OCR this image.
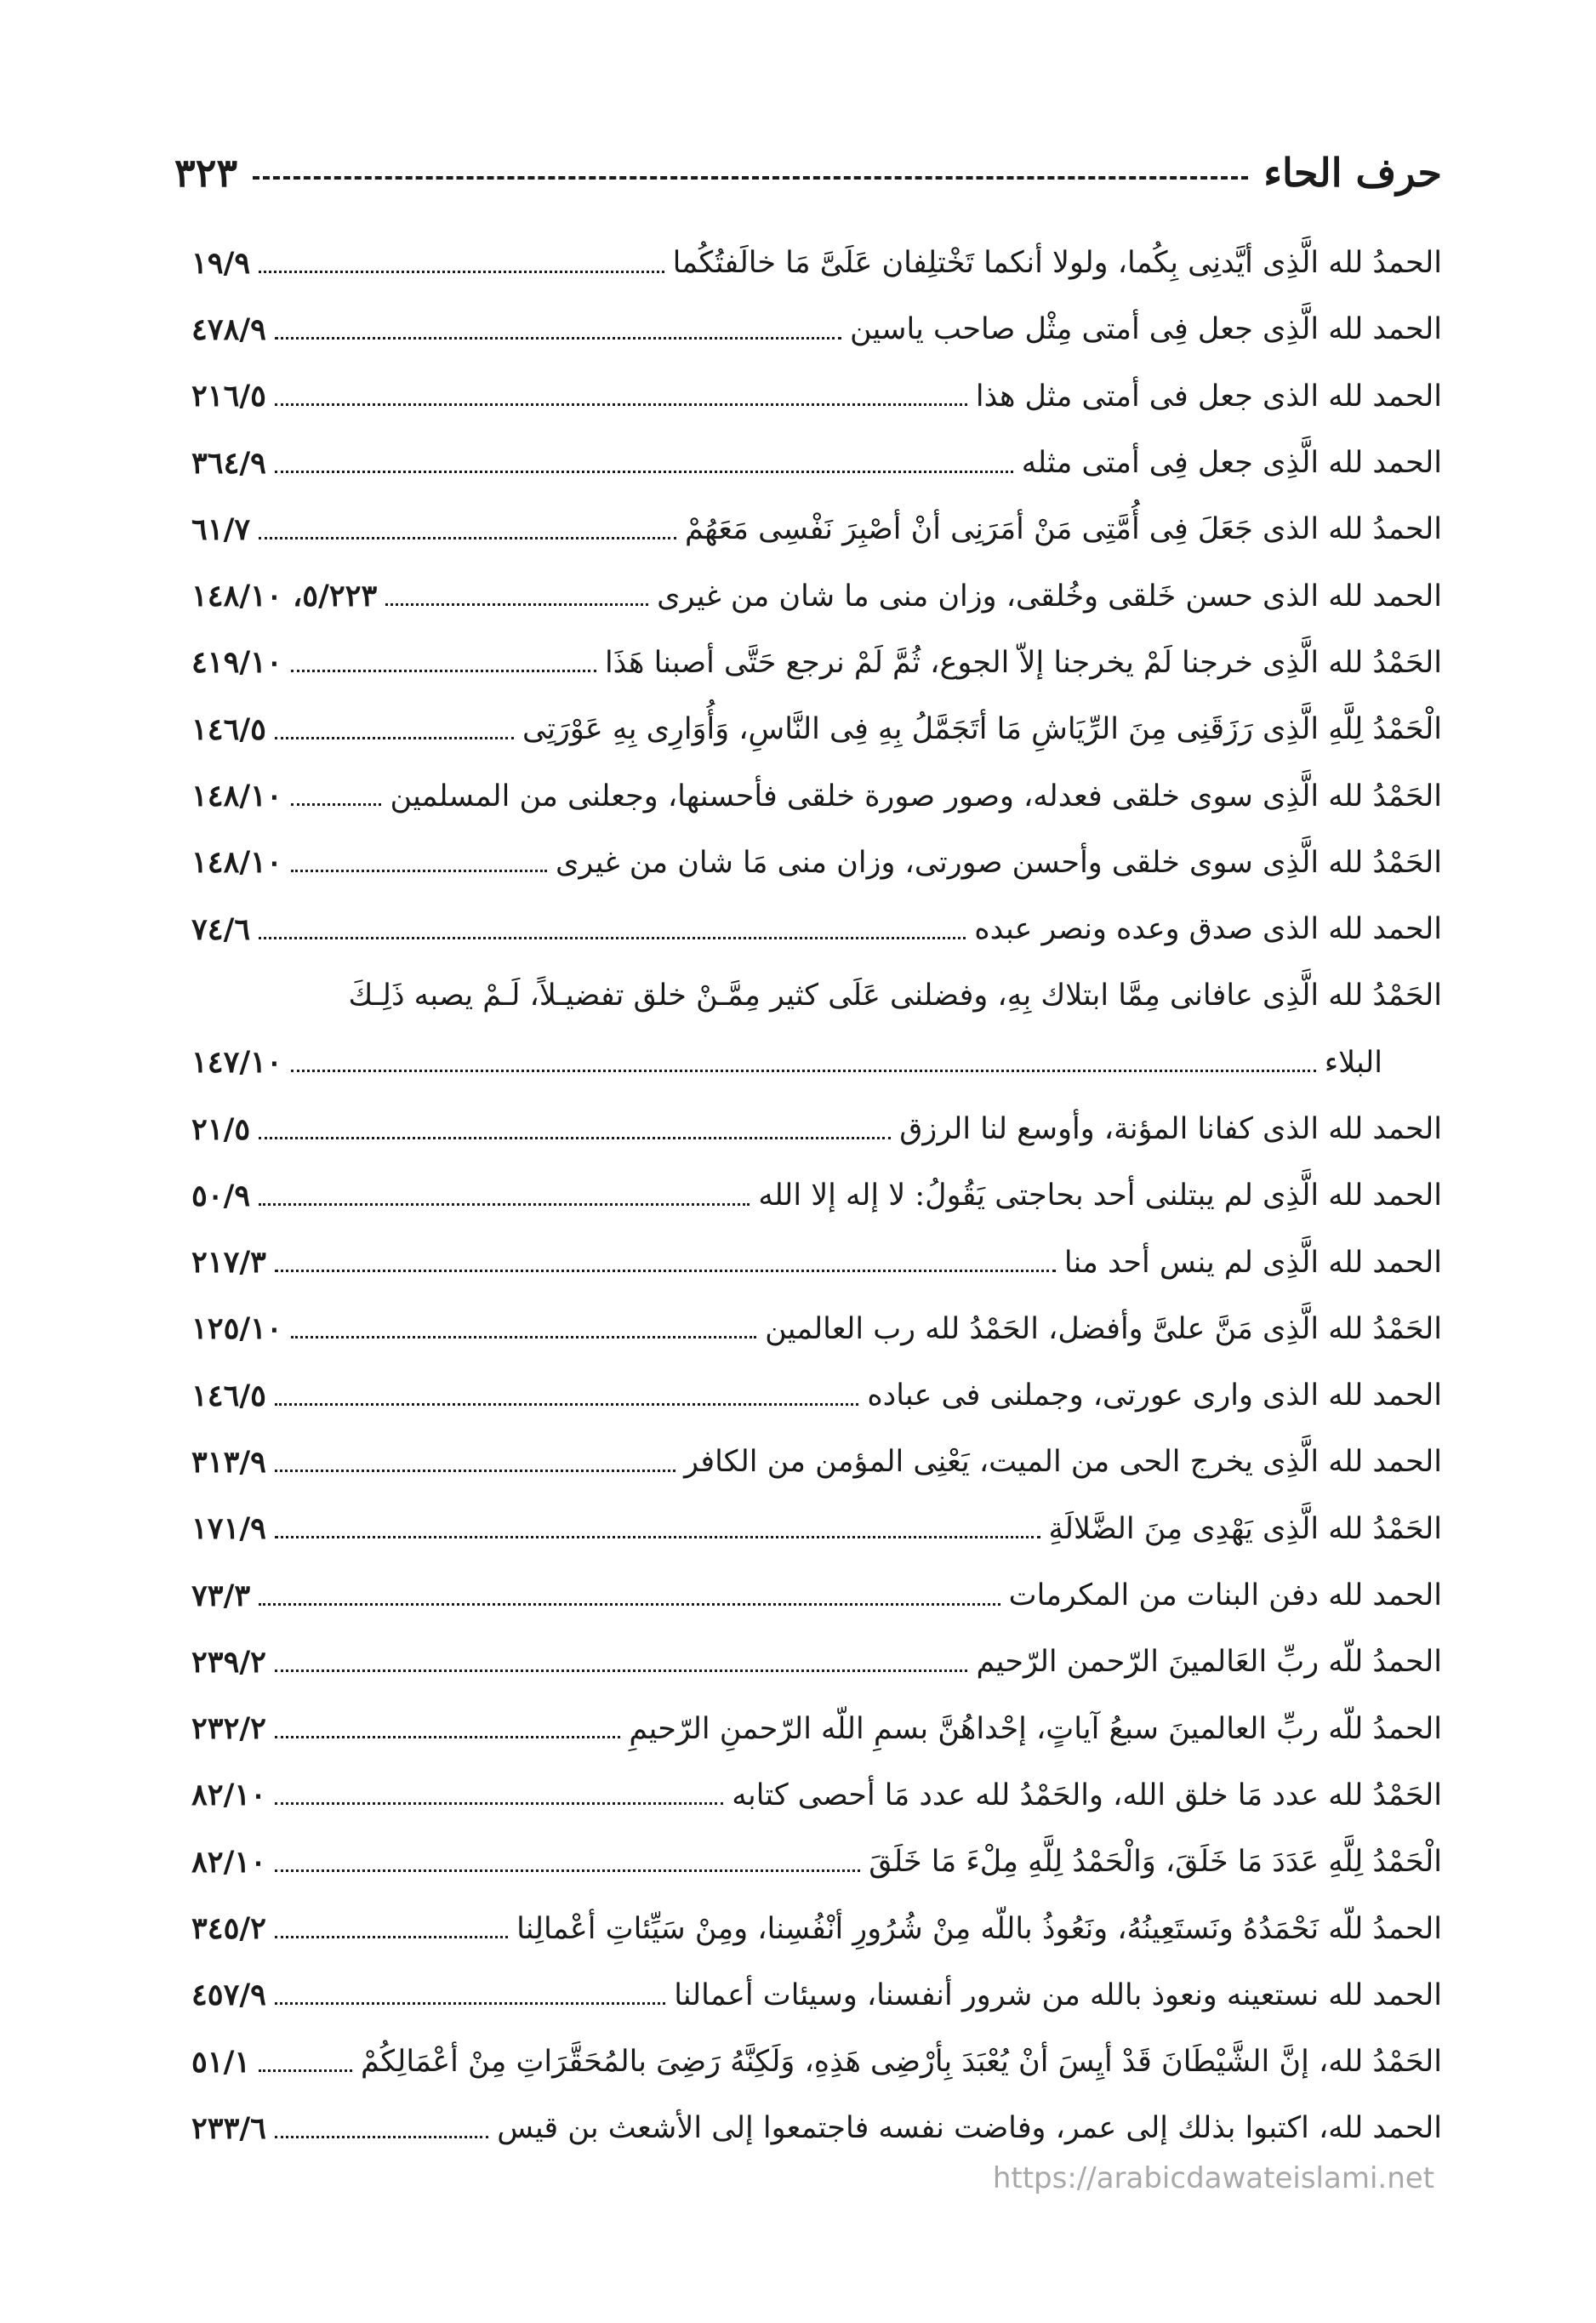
حرف الحاء
٣٢٣
الحمدُ لله الَّذِى أيَّدنِى بِكُما، ولولا أنكما تَخْتلِفان عَلَىَّ مَا خالَفتُكُما
١٩/٩
الحمد لله الَّذِى جعل فِى أمتى مِثْل صاحب ياسين
٤٧٨/٩
الحمد لله الذى جعل فى أمتى مثل هذا
٢١٦/٥
الحمد لله الَّذِى جعل فِى أمتى مثله
٣٦٤/٩
الحمدُ لله الذى جَعَلَ فِى أُمَّتِى مَنْ أمَرَنِى أنْ أصْبِرَ نَفْسِى مَعَهُمْ
٦١/٧
الحمد لله الذى حسن خَلقى وخُلقى، وزان منى ما شان من غيرى
٥/٢٢٣، ١٤٨/١٠
الحَمْدُ لله الَّذِى خرجنا لَمْ يخرجنا إلاّ الجوع، ثُمَّ لَمْ نرجع حَتَّى أصبنا هَذَا
٤١٩/١٠
الْحَمْدُ لِلَّهِ الَّذِى رَزَقَنِى مِنَ الرِّيَاشِ مَا أتَجَمَّلُ بِهِ فِى النَّاسِ، وَأُوَارِى بِهِ عَوْرَتِى
١٤٦/٥
الحَمْدُ لله الَّذِى سوى خلقى فعدله، وصور صورة خلقى فأحسنها، وجعلنى من المسلمين
١٤٨/١٠
الحَمْدُ لله الَّذِى سوى خلقى وأحسن صورتى، وزان منى مَا شان من غيرى
١٤٨/١٠
الحمد لله الذى صدق وعده ونصر عبده
٧٤/٦
الحَمْدُ لله الَّذِى عافانى مِمَّا ابتلاك بِهِ، وفضلنى عَلَى كثير مِمَّـنْ خلق تفضيـلاً، لَـمْ يصبه ذَلِـكَ
البلاء
١٤٧/١٠
الحمد لله الذى كفانا المؤنة، وأوسع لنا الرزق
٢١/٥
الحمد لله الَّذِى لم يبتلنى أحد بحاجتى يَقُولُ: لا إله إلا الله
٥٠/٩
الحمد لله الَّذِى لم ينس أحد منا
٢١٧/٣
الحَمْدُ لله الَّذِى مَنَّ علىَّ وأفضل، الحَمْدُ لله رب العالمين
١٢٥/١٠
الحمد لله الذى وارى عورتى، وجملنى فى عباده
١٤٦/٥
الحمد لله الَّذِى يخرج الحى من الميت، يَعْنِى المؤمن من الكافر
٣١٣/٩
الحَمْدُ لله الَّذِى يَهْدِى مِنَ الضَّلالَةِ
١٧١/٩
الحمد لله دفن البنات من المكرمات
٧٣/٣
الحمدُ للّه ربِّ العَالمينَ الرّحمن الرّحيم
٢٣٩/٢
الحمدُ للّه ربِّ العالمينَ سبعُ آياتٍ، إحْداهُنَّ بسمِ اللّه الرّحمنِ الرّحيمِ
٢٣٢/٢
الحَمْدُ لله عدد مَا خلق الله، والحَمْدُ لله عدد مَا أحصى كتابه
٨٢/١٠
الْحَمْدُ لِلَّهِ عَدَدَ مَا خَلَقَ، وَالْحَمْدُ لِلَّهِ مِلْءَ مَا خَلَقَ
٨٢/١٠
الحمدُ للّه نَحْمَدُهُ ونَستَعِينُهُ، ونَعُوذُ باللّه مِنْ شُرُورِ أنْفُسِنا، ومِنْ سَيِّئاتِ أعْمالِنا
٣٤٥/٢
الحمد لله نستعينه ونعوذ بالله من شرور أنفسنا، وسيئات أعمالنا
٤٥٧/٩
الحَمْدُ لله، إنَّ الشَّيْطَانَ قَدْ أيِسَ أنْ يُعْبَدَ بِأرْضِى هَذِهِ، وَلَكِنَّهُ رَضِىَ بالمُحَقَّرَاتِ مِنْ أعْمَالِكُمْ
٥١/١
الحمد لله، اكتبوا بذلك إلى عمر، وفاضت نفسه فاجتمعوا إلى الأشعث بن قيس
٢٣٣/٦
https://arabicdawateislami.net
